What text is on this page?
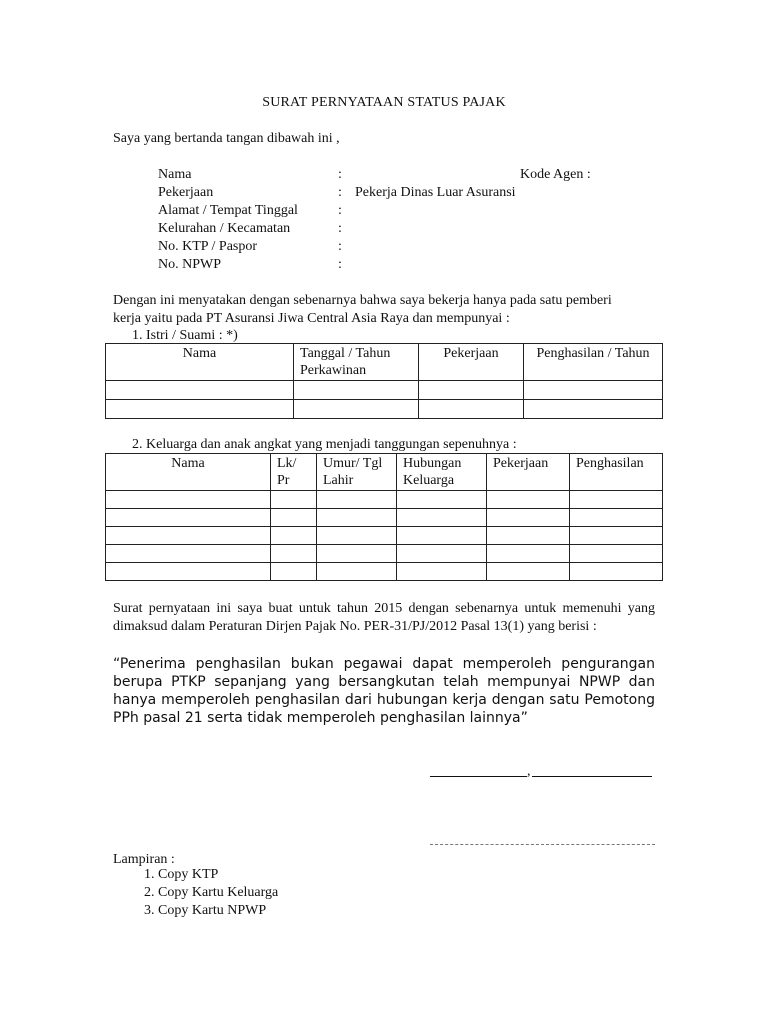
SURAT PERNYATAAN STATUS PAJAK
Saya yang bertanda tangan dibawah ini ,
Nama	:	Kode Agen :
Pekerjaan	: Pekerja Dinas Luar Asuransi
Alamat / Tempat Tinggal	:
Kelurahan / Kecamatan	:
No. KTP / Paspor	:
No. NPWP	:
Dengan ini menyatakan dengan sebenarnya bahwa saya bekerja hanya pada satu pemberi
kerja yaitu pada PT Asuransi Jiwa Central Asia Raya dan mempunyai :
1. Istri / Suami : *)
Nama	Tanggal / Tahun Perkawinan	Pekerjaan	Penghasilan / Tahun

2. Keluarga dan anak angkat yang menjadi tanggungan sepenuhnya :
Nama	Lk/ Pr	Umur/ Tgl Lahir	Hubungan Keluarga	Pekerjaan	Penghasilan

Surat pernyataan ini saya buat untuk tahun 2015 dengan sebenarnya untuk memenuhi yang dimaksud dalam Peraturan Dirjen Pajak No. PER-31/PJ/2012 Pasal 13(1) yang berisi :
“Penerima penghasilan bukan pegawai dapat memperoleh pengurangan berupa PTKP sepanjang yang bersangkutan telah mempunyai NPWP dan hanya memperoleh penghasilan dari hubungan kerja dengan satu Pemotong PPh pasal 21 serta tidak memperoleh penghasilan lainnya”
,
Lampiran :
1. Copy KTP
2. Copy Kartu Keluarga
3. Copy Kartu NPWP
